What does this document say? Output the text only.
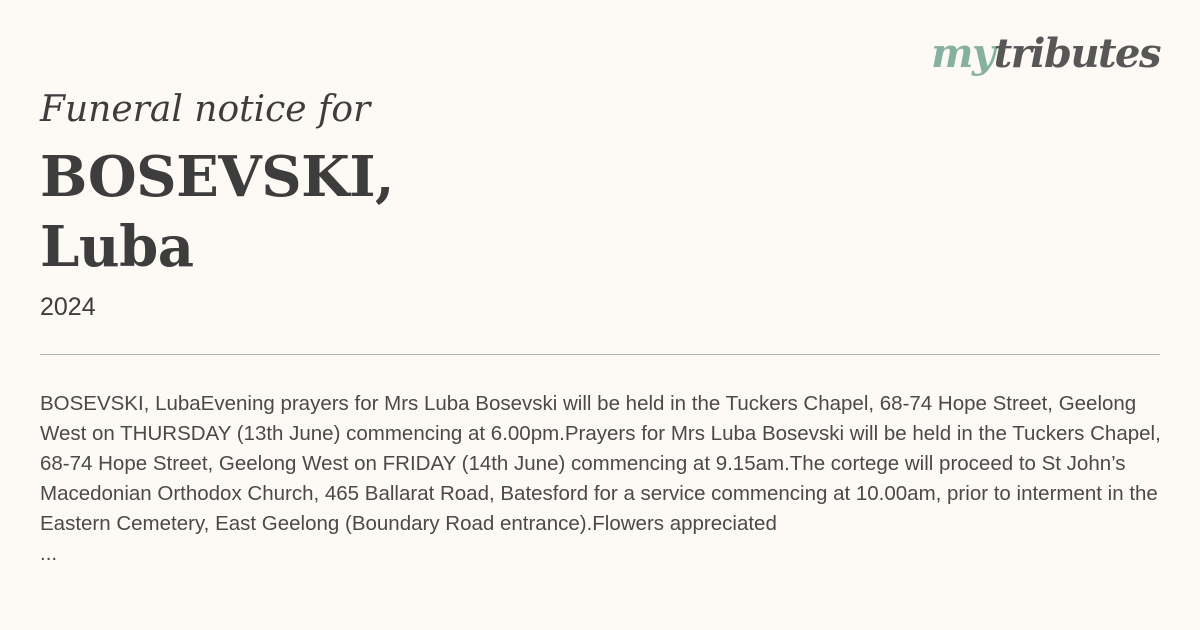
mytributes
Funeral notice for
BOSEVSKI,
Luba
2024
BOSEVSKI, LubaEvening prayers for Mrs Luba Bosevski will be held in the Tuckers Chapel, 68-74 Hope Street, Geelong West on THURSDAY (13th June) commencing at 6.00pm.Prayers for Mrs Luba Bosevski will be held in the Tuckers Chapel, 68-74 Hope Street, Geelong West on FRIDAY (14th June) commencing at 9.15am.The cortege will proceed to St John’s Macedonian Orthodox Church, 465 Ballarat Road, Batesford for a service commencing at 10.00am, prior to interment in the Eastern Cemetery, East Geelong (Boundary Road entrance).Flowers appreciated
...
